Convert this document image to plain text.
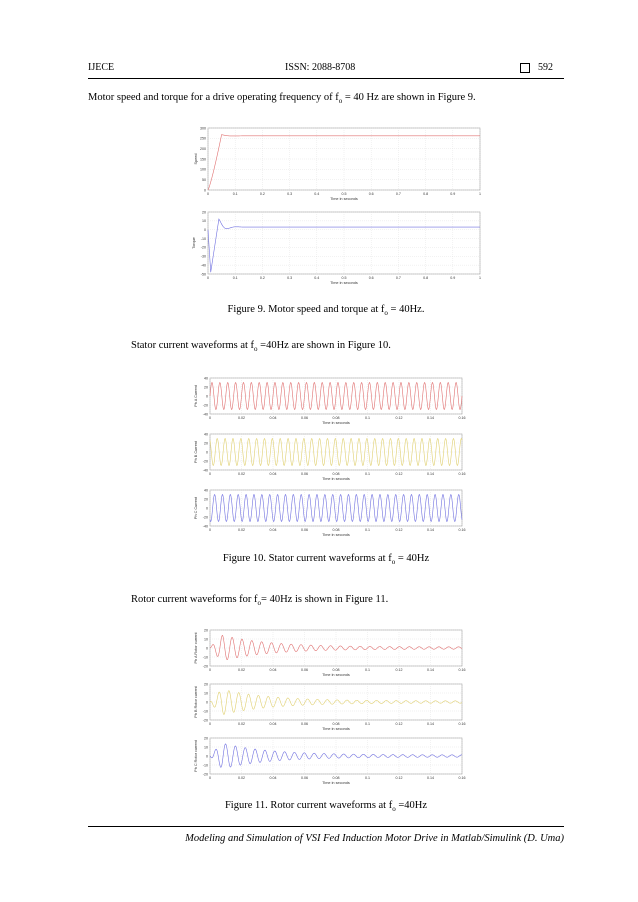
IJECE	ISSN: 2088-8708	592
Motor speed and torque for a drive operating frequency of $f_o = 40$ Hz are shown in Figure 9.
0	0.1	0.2	0.3	0.4	0.5	0.6	0.7	0.8	0.9	1
0
50
100
150
200
250
300
Time in seconds
Speed
0	0.1	0.2	0.3	0.4	0.5	0.6	0.7	0.8	0.9	1
-50
-40
-30
-20
-10
0
10
20
Time in seconds
Torque
Figure 9. Motor speed and torque at $f_o = 40Hz$.
Stator current waveforms at $f_o =40Hz$ are shown in Figure 10.
0	0.02	0.04	0.06	0.08	0.1	0.12	0.14	0.16
-40
-20
0
20
40
Time in seconds
Ph A Current
0	0.02	0.04	0.06	0.08	0.1	0.12	0.14	0.16
-40
-20
0
20
40
Time in seconds
Ph B Current
0	0.02	0.04	0.06	0.08	0.1	0.12	0.14	0.16
-40
-20
0
20
40
Time in seconds
Ph C Current
Figure 10. Stator current waveforms at $f_o = 40Hz$
Rotor current waveforms for $f_o= 40Hz$ is shown in Figure 11.
0	0.02	0.04	0.06	0.08	0.1	0.12	0.14	0.16
-20
-10
0
10
20
Time in seconds
Ph A Rotor current
0	0.02	0.04	0.06	0.08	0.1	0.12	0.14	0.16
-20
-10
0
10
20
Time in seconds
Ph B Rotor current
0	0.02	0.04	0.06	0.08	0.1	0.12	0.14	0.16
-20
-10
0
10
20
Time in seconds
Ph C Rotor current
Figure 11. Rotor current waveforms at $f_o =40Hz$
Modeling and Simulation of VSI Fed Induction Motor Drive in Matlab/Simulink (D. Uma)
